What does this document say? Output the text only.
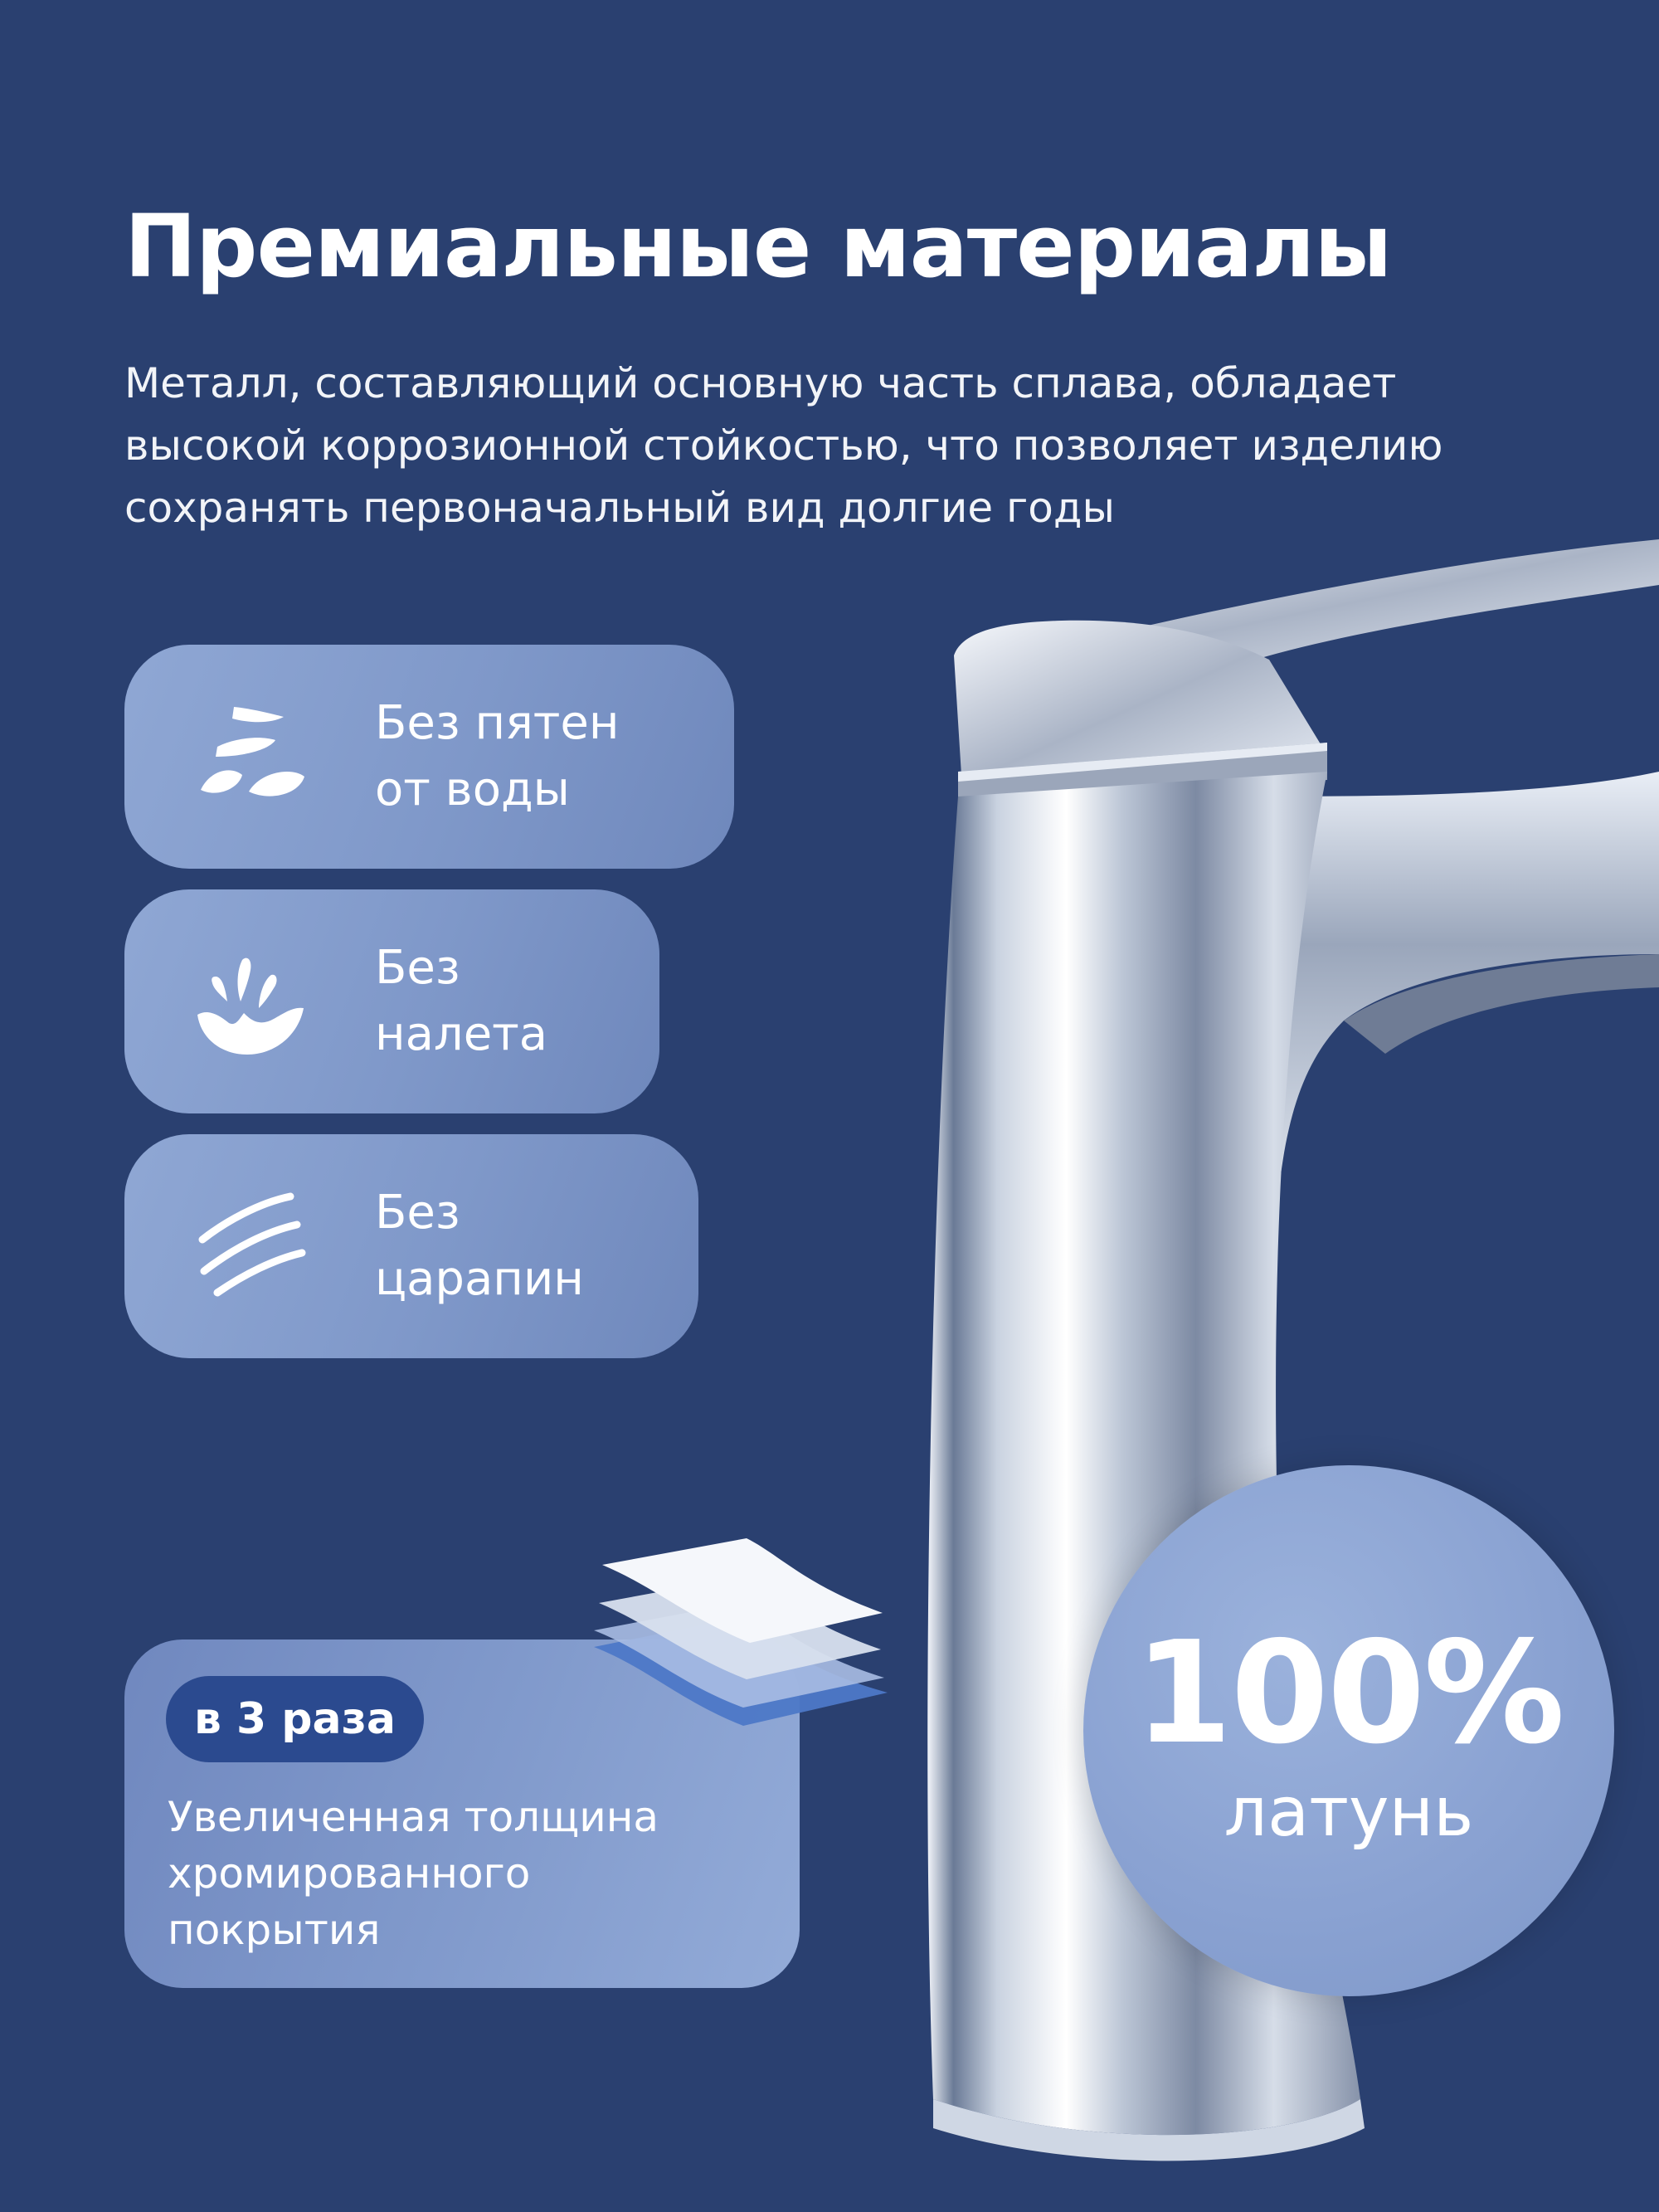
Премиальные материалы

Металл, составляющий основную часть сплава, обладает
высокой коррозионной стойкостью, что позволяет изделию
сохранять первоначальный вид долгие годы

Без пятен
от воды
Без
налета
Без
царапин
в 3 раза
Увеличенная толщина
хромированного
покрытия
100%
латунь
